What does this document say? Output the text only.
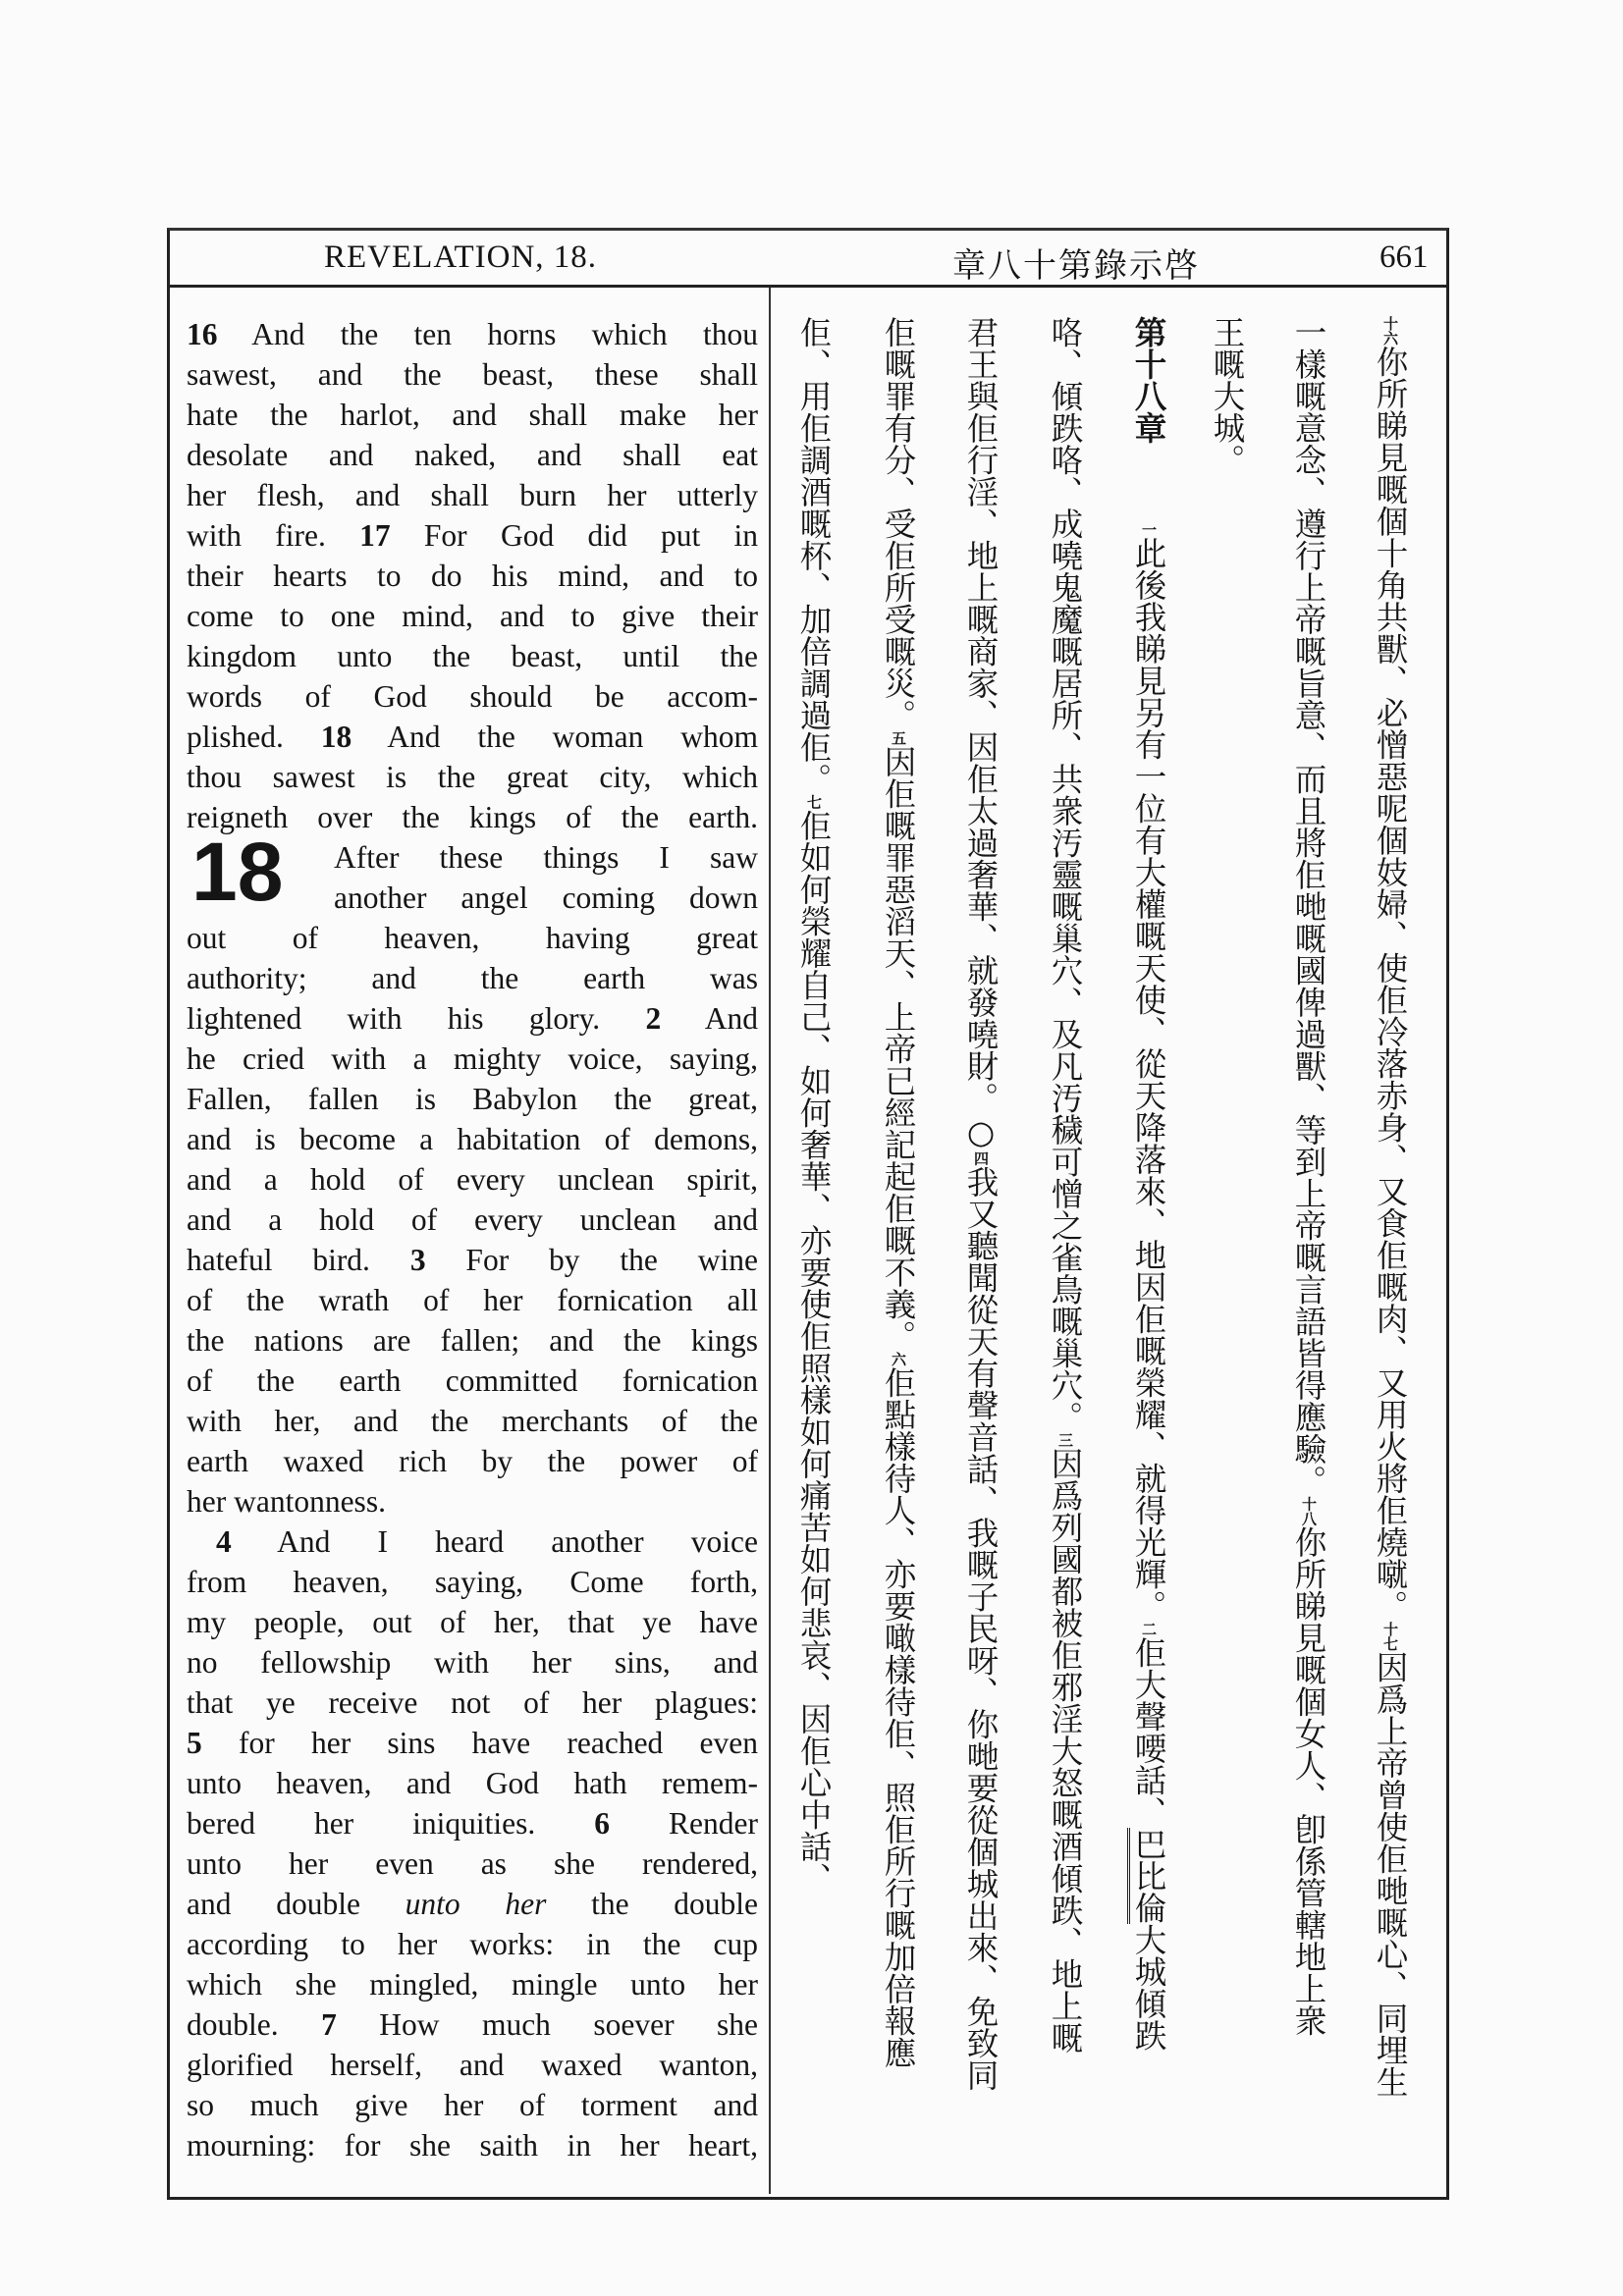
REVELATION, 18.	章八十第錄示啓	661
18
16 And the ten horns which thou
sawest, and the beast, these shall
hate the harlot, and shall make her
desolate and naked, and shall eat
her flesh, and shall burn her utterly
with fire. 17 For God did put in
their hearts to do his mind, and to
come to one mind, and to give their
kingdom unto the beast, until the
words of God should be accom-
plished. 18 And the woman whom
thou sawest is the great city, which
reigneth over the kings of the earth.
After these things I saw
another angel coming down
out of heaven, having great
authority; and the earth was
lightened with his glory. 2 And
he cried with a mighty voice, saying,
Fallen, fallen is Babylon the great,
and is become a habitation of demons,
and a hold of every unclean spirit,
and a hold of every unclean and
hateful bird. 3 For by the wine
of the wrath of her fornication all
the nations are fallen; and the kings
of the earth committed fornication
with her, and the merchants of the
earth waxed rich by the power of
her wantonness.
4 And I heard another voice
from heaven, saying, Come forth,
my people, out of her, that ye have
no fellowship with her sins, and
that ye receive not of her plagues:
5 for her sins have reached even
unto heaven, and God hath remem-
bered her iniquities. 6 Render
unto her even as she rendered,
and double unto her the double
according to her works: in the cup
which she mingled, mingle unto her
double. 7 How much soever she
glorified herself, and waxed wanton,
so much give her of torment and
mourning: for she saith in her heart,
十六你所睇見嘅個十角共獸、必憎惡呢個妓婦、使佢冷落赤身、又食佢嘅肉、又用火將佢燒噈。十七因爲上帝曾使佢哋嘅心、同埋生
一樣嘅意念、遵行上帝嘅旨意、而且將佢哋嘅國俾過獸、等到上帝嘅言語皆得應驗。十八你所睇見嘅個女人、卽係管轄地上衆
王嘅大城。
第十八章一此後我睇見另有一位有大權嘅天使、從天降落來、地因佢嘅榮耀、就得光輝。二佢大聲喓話、巴比倫大城傾跌
咯、傾跌咯、成嘵鬼魔嘅居所、共衆汚靈嘅巢穴、及凡汚穢可憎之雀鳥嘅巢穴。三因爲列國都被佢邪淫大怒嘅酒傾跌、地上嘅
君王與佢行淫、地上嘅商家、因佢太過奢華、就發嘵財。○四我又聽聞從天有聲音話、我嘅子民呀、你哋要從個城出來、免致同
佢嘅罪有分、受佢所受嘅災。五因佢嘅罪惡滔天、上帝已經記起佢嘅不義。六佢點樣待人、亦要噉樣待佢、照佢所行嘅加倍報應
佢、用佢調酒嘅杯、加倍調過佢。七佢如何榮耀自己、如何奢華、亦要使佢照樣如何痛苦如何悲哀、因佢心中話、
